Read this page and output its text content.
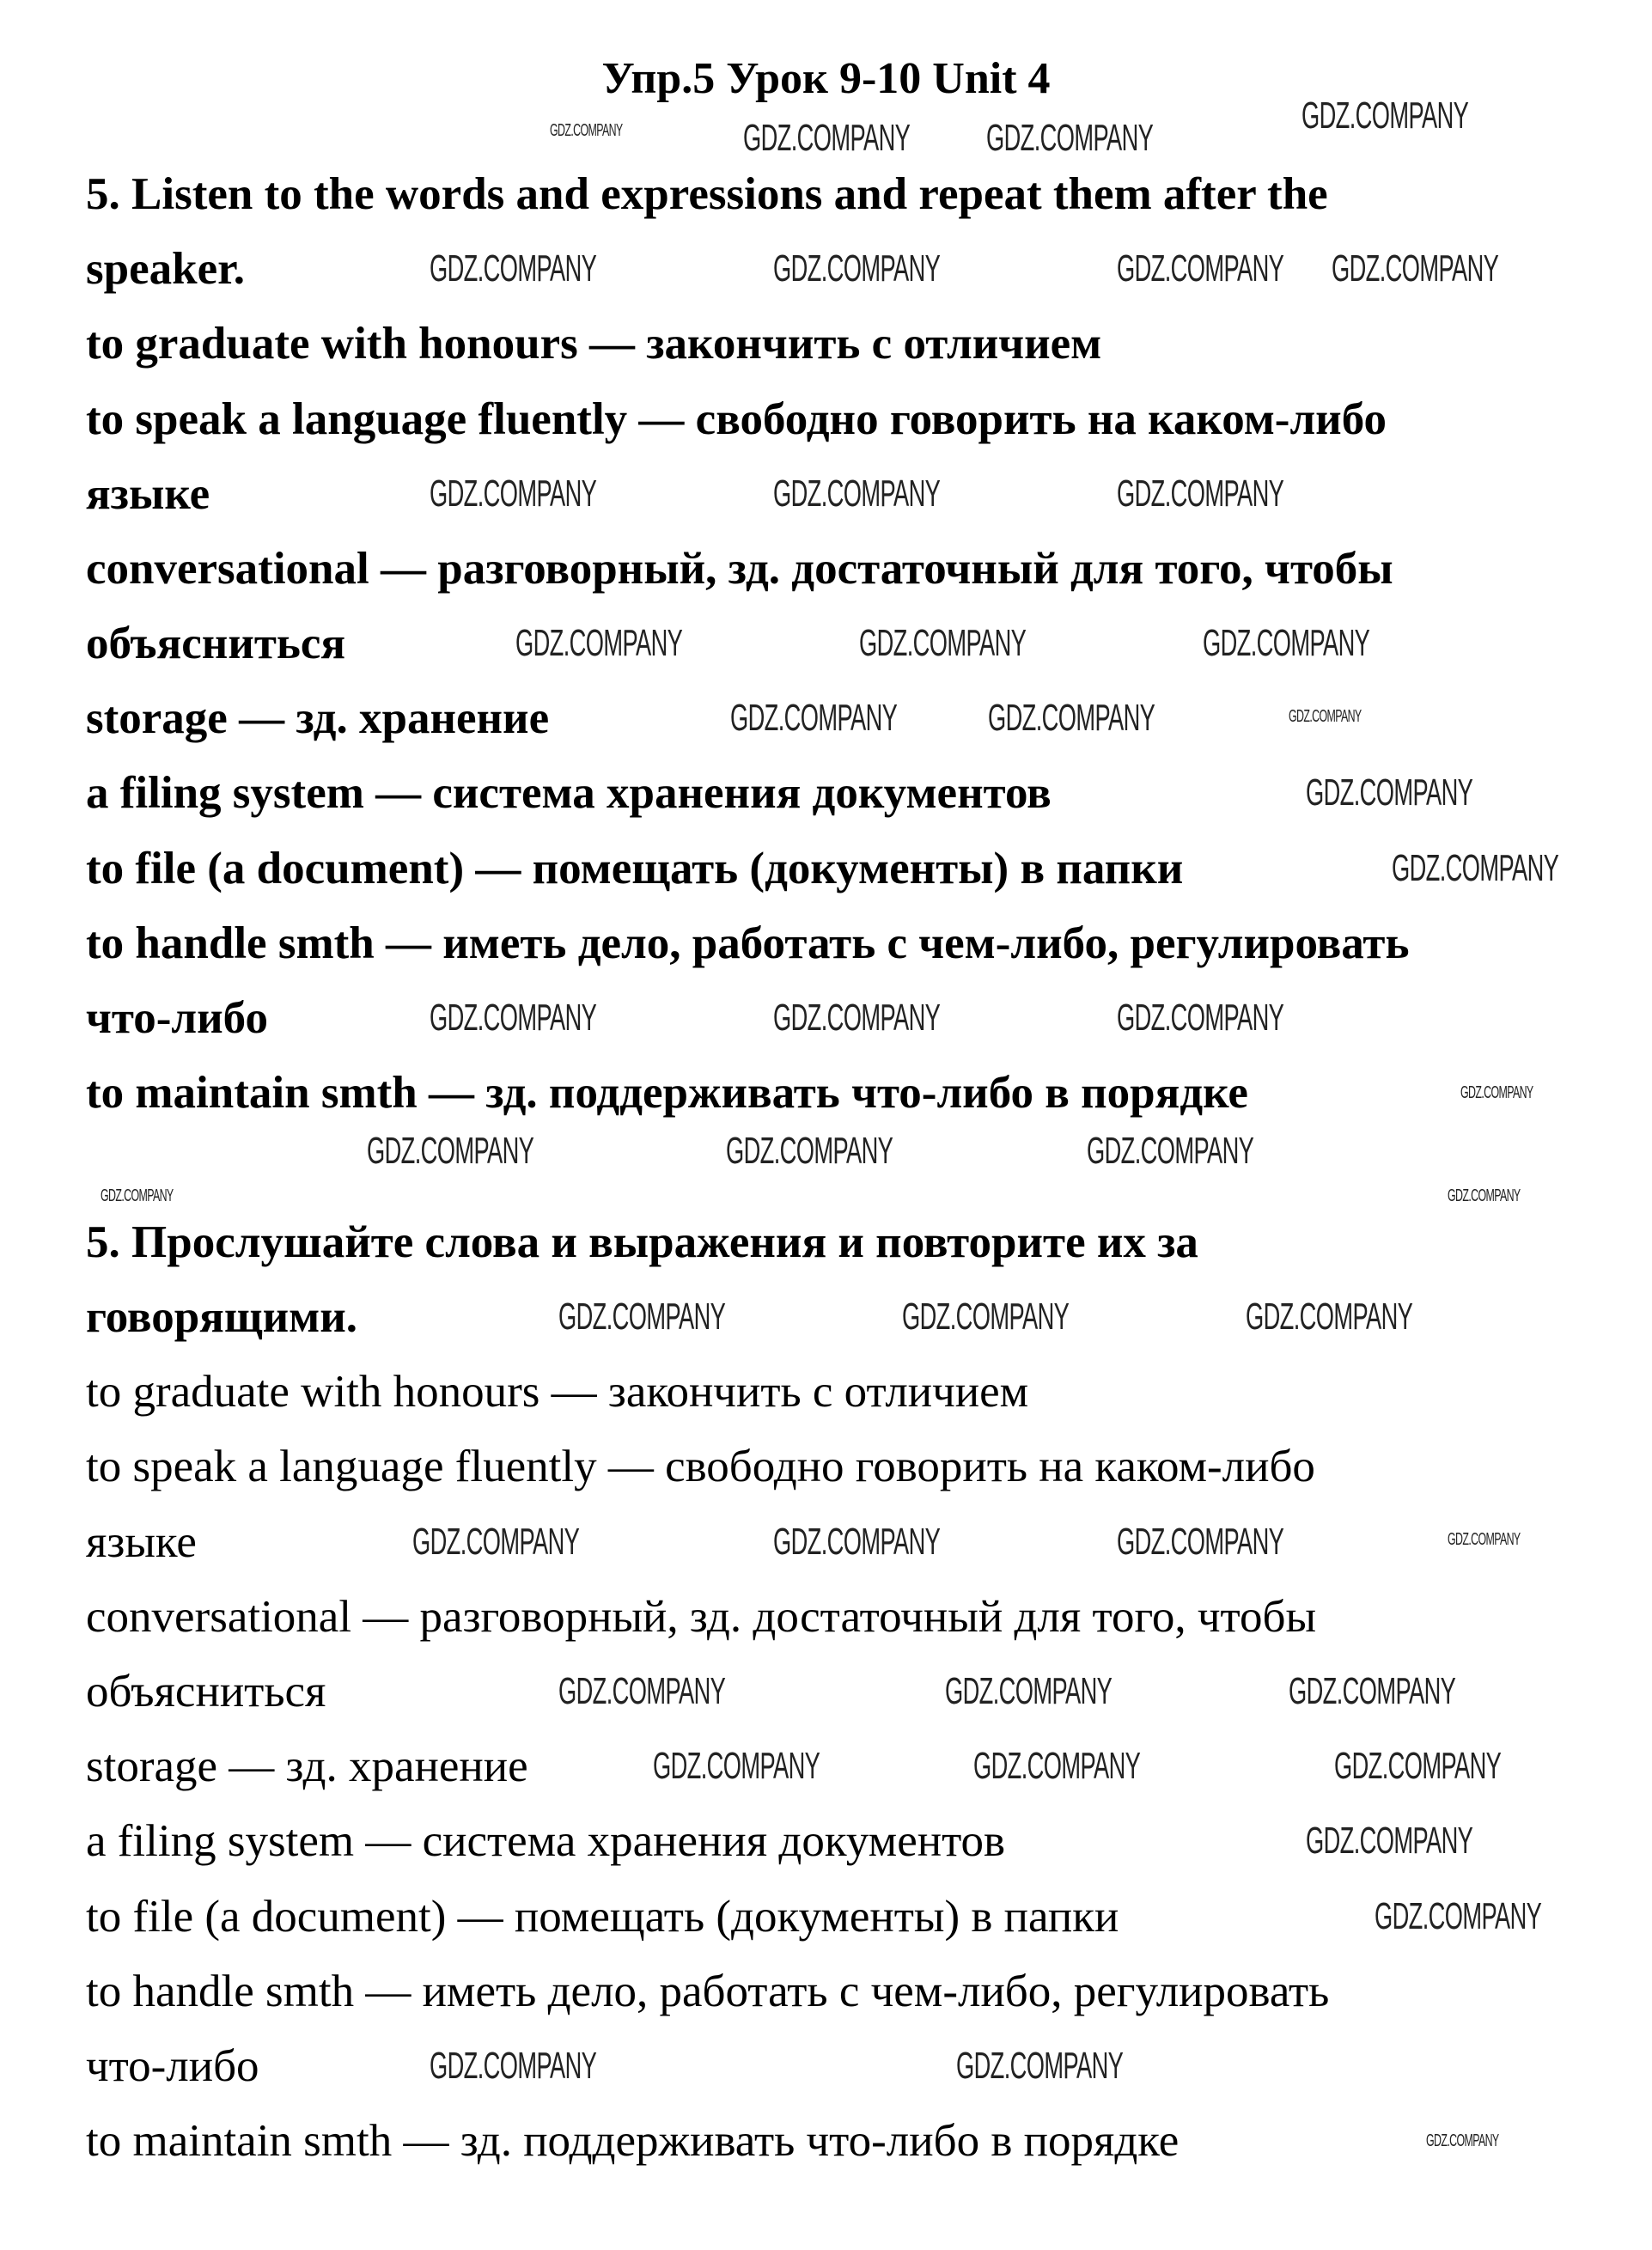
Упр.5 Урок 9-10 Unit 4
5. Listen to the words and expressions and repeat them after the
speaker.
to graduate with honours — закончить с отличием
to speak a language fluently — свободно говорить на каком-либо
языке
conversational — разговорный, зд. достаточный для того, чтобы
объясниться
storage — зд. хранение
a filing system — система хранения документов
to file (a document) — помещать (документы) в папки
to handle smth — иметь дело, работать с чем-либо, регулировать
что-либо
to maintain smth — зд. поддерживать что-либо в порядке
5. Прослушайте слова и выражения и повторите их за
говорящими.
to graduate with honours — закончить с отличием
to speak a language fluently — свободно говорить на каком-либо
языке
conversational — разговорный, зд. достаточный для того, чтобы
объясниться
storage — зд. хранение
a filing system — система хранения документов
to file (a document) — помещать (документы) в папки
to handle smth — иметь дело, работать с чем-либо, регулировать
что-либо
to maintain smth — зд. поддерживать что-либо в порядке
GDZ.COMPANY	GDZ.COMPANY GDZ.COMPANY
GDZ.COMPANY
GDZ.COMPANY	GDZ.COMPANY	GDZ.COMPANY GDZ.COMPANY
GDZ.COMPANY	GDZ.COMPANY	GDZ.COMPANY
GDZ.COMPANY	GDZ.COMPANY	GDZ.COMPANY
GDZ.COMPANY GDZ.COMPANY	GDZ.COMPANY
GDZ.COMPANY
GDZ.COMPANY
GDZ.COMPANY	GDZ.COMPANY	GDZ.COMPANY
GDZ.COMPANY
GDZ.COMPANY	GDZ.COMPANY	GDZ.COMPANY
GDZ.COMPANY	GDZ.COMPANY
GDZ.COMPANY	GDZ.COMPANY	GDZ.COMPANY
GDZ.COMPANY	GDZ.COMPANY	GDZ.COMPANY	GDZ.COMPANY
GDZ.COMPANY	GDZ.COMPANY	GDZ.COMPANY
GDZ.COMPANY	GDZ.COMPANY	GDZ.COMPANY
GDZ.COMPANY
GDZ.COMPANY
GDZ.COMPANY	GDZ.COMPANY
GDZ.COMPANY
